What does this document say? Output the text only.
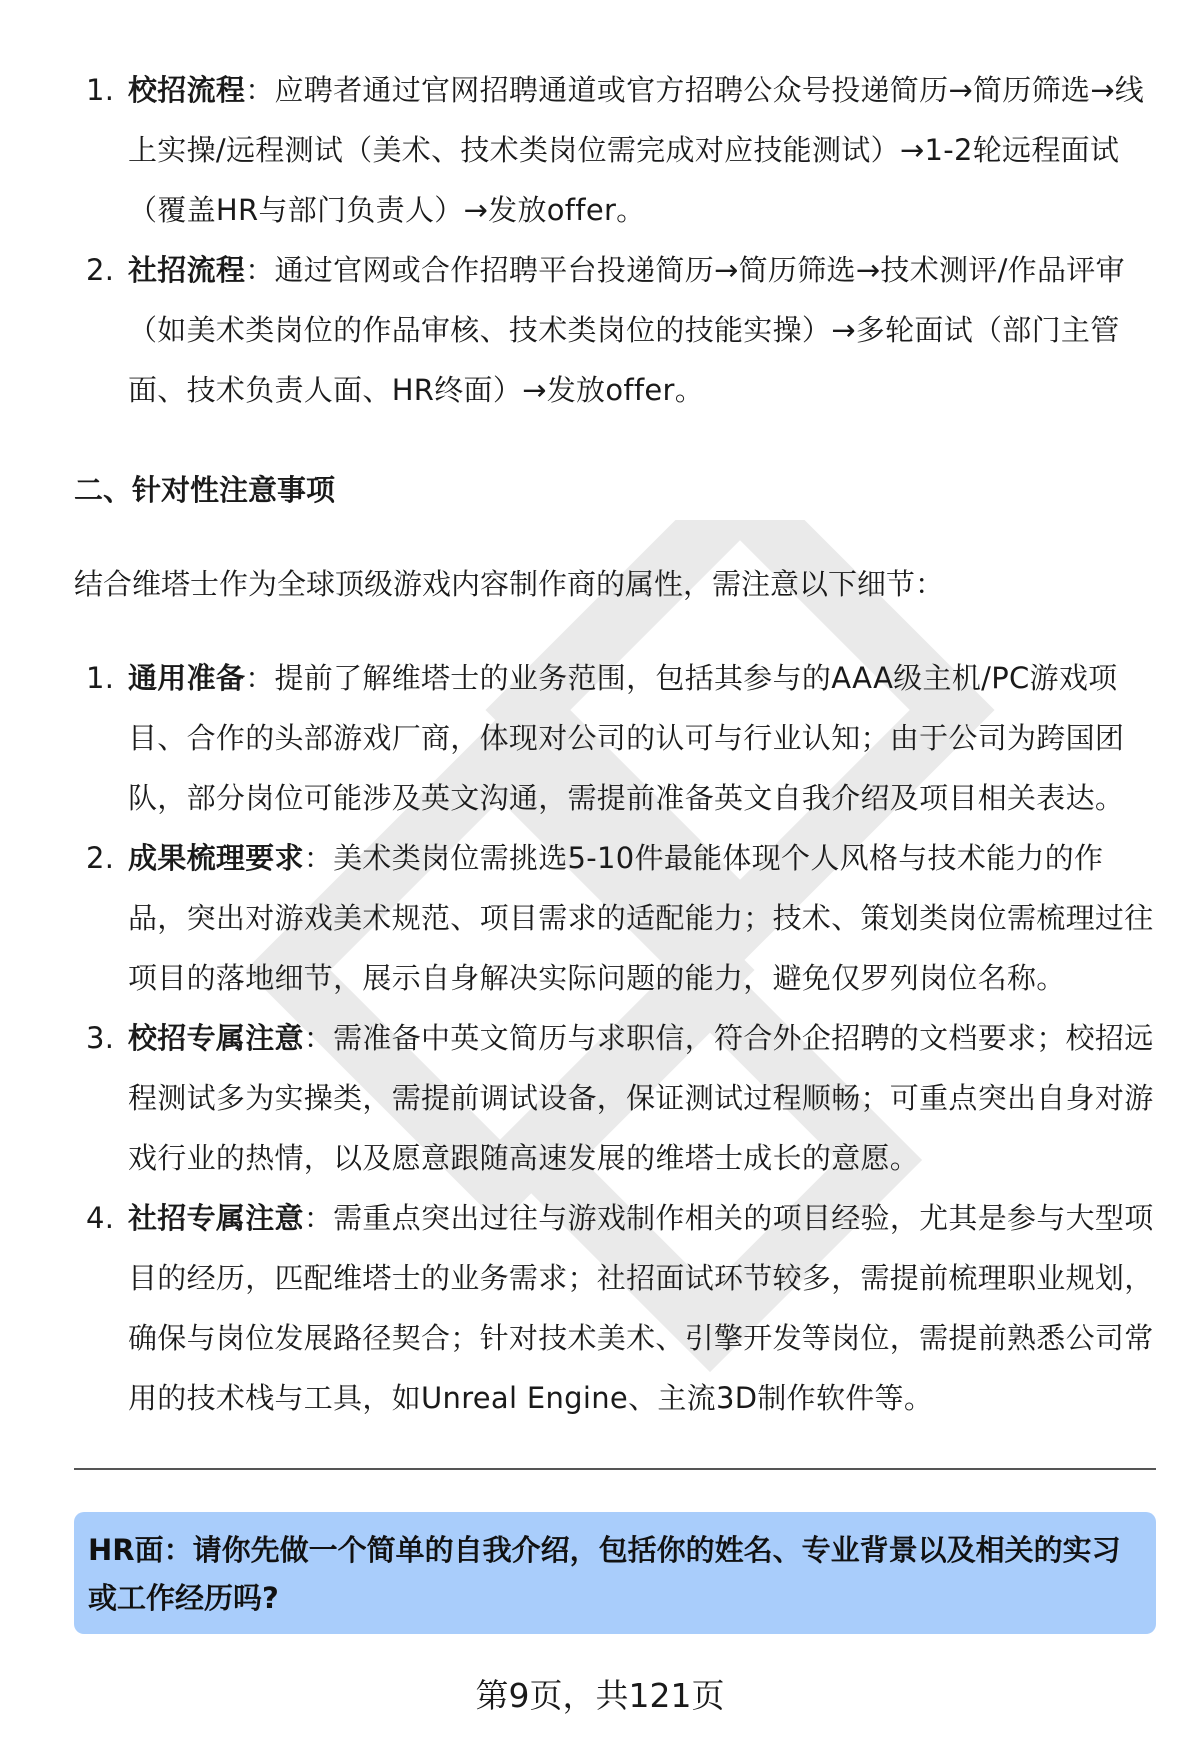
1. 校招流程：应聘者通过官网招聘通道或官方招聘公众号投递简历→简历筛选→线上实操/远程测试（美术、技术类岗位需完成对应技能测试）→1-2轮远程面试（覆盖HR与部门负责人）→发放offer。
2. 社招流程：通过官网或合作招聘平台投递简历→简历筛选→技术测评/作品评审（如美术类岗位的作品审核、技术类岗位的技能实操）→多轮面试（部门主管面、技术负责人面、HR终面）→发放offer。
二、针对性注意事项

结合维塔士作为全球顶级游戏内容制作商的属性，需注意以下细节：

1. 通用准备：提前了解维塔士的业务范围，包括其参与的AAA级主机/PC游戏项目、合作的头部游戏厂商，体现对公司的认可与行业认知；由于公司为跨国团队，部分岗位可能涉及英文沟通，需提前准备英文自我介绍及项目相关表达。
2. 成果梳理要求：美术类岗位需挑选5-10件最能体现个人风格与技术能力的作品，突出对游戏美术规范、项目需求的适配能力；技术、策划类岗位需梳理过往项目的落地细节，展示自身解决实际问题的能力，避免仅罗列岗位名称。
3. 校招专属注意：需准备中英文简历与求职信，符合外企招聘的文档要求；校招远程测试多为实操类，需提前调试设备，保证测试过程顺畅；可重点突出自身对游戏行业的热情，以及愿意跟随高速发展的维塔士成长的意愿。
4. 社招专属注意：需重点突出过往与游戏制作相关的项目经验，尤其是参与大型项目的经历，匹配维塔士的业务需求；社招面试环节较多，需提前梳理职业规划，确保与岗位发展路径契合；针对技术美术、引擎开发等岗位，需提前熟悉公司常用的技术栈与工具，如Unreal Engine、主流3D制作软件等。
HR面：请你先做一个简单的自我介绍，包括你的姓名、专业背景以及相关的实习或工作经历吗?
第9页，共121页
